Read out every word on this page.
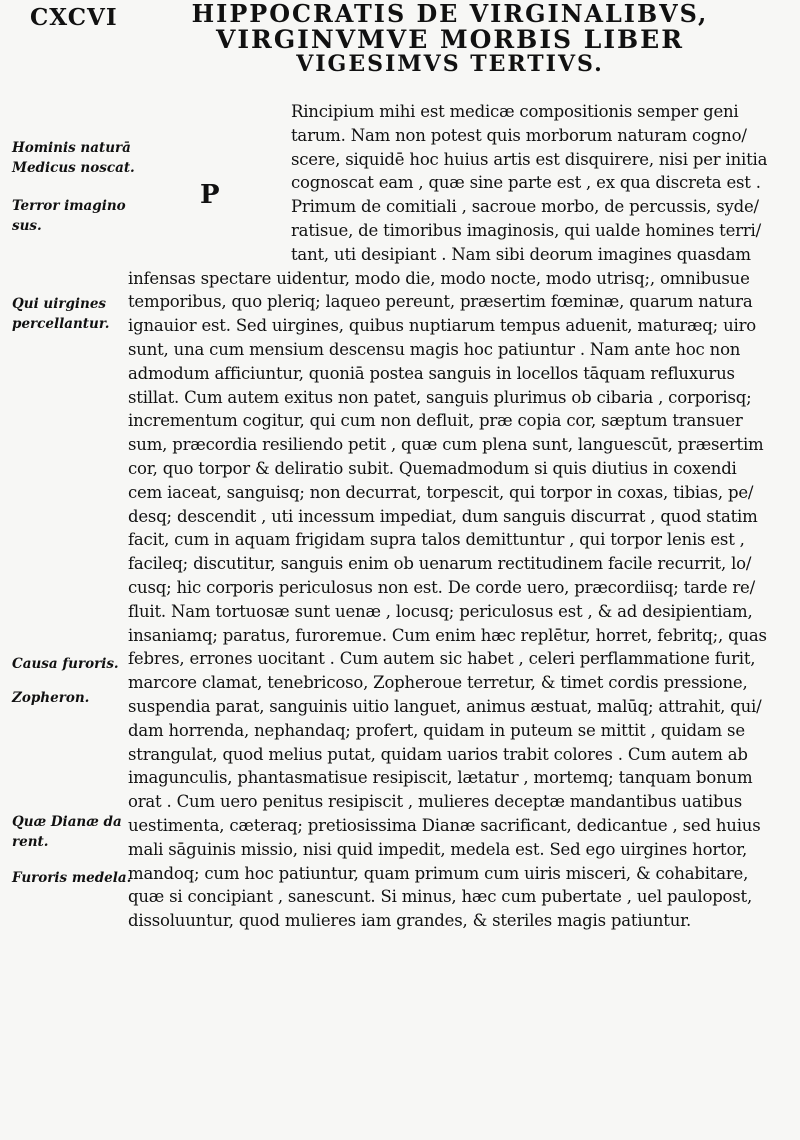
CXCVI	HIPPOCRATIS DE VIRGINALIBVS,
VIRGINVMVE MORBIS LIBER
VIGESIMVS TERTIVS.
Hominis naturā
Medicus noscat.
Terror imagino
sus.
Qui uirgines
percellantur.
Causa furoris.
Zopheron.
Quæ Dianæ da
rent.
Furoris medela.
P
Rincipium mihi est medicæ compositionis semper geni
tarum. Nam non potest quis morborum naturam cogno/
scere, siquidē hoc huius artis est disquirere, nisi per initia
cognoscat eam , quæ sine parte est , ex qua discreta est .
Primum de comitiali , sacroue morbo, de percussis, syde/
ratisue, de timoribus imaginosis, qui ualde homines terri/
tant, uti desipiant . Nam sibi deorum imagines quasdam
infensas spectare uidentur, modo die, modo nocte, modo utrisq;, omnibusue
temporibus, quo pleriq; laqueo pereunt, præsertim fœminæ, quarum natura
ignauior est. Sed uirgines, quibus nuptiarum tempus aduenit, maturæq; uiro
sunt, una cum mensium descensu magis hoc patiuntur . Nam ante hoc non
admodum afficiuntur, quoniā postea sanguis in locellos tāquam refluxurus
stillat. Cum autem exitus non patet, sanguis plurimus ob cibaria , corporisq;
incrementum cogitur, qui cum non defluit, præ copia cor, sæptum transuer
sum, præcordia resiliendo petit , quæ cum plena sunt, languescūt, præsertim
cor, quo torpor & deliratio subit. Quemadmodum si quis diutius in coxendi
cem iaceat, sanguisq; non decurrat, torpescit, qui torpor in coxas, tibias, pe/
desq; descendit , uti incessum impediat, dum sanguis discurrat , quod statim
facit, cum in aquam frigidam supra talos demittuntur , qui torpor lenis est ,
facileq; discutitur, sanguis enim ob uenarum rectitudinem facile recurrit, lo/
cusq; hic corporis periculosus non est. De corde uero, præcordiisq; tarde re/
fluit. Nam tortuosæ sunt uenæ , locusq; periculosus est , & ad desipientiam,
insaniamq; paratus, furoremue. Cum enim hæc replētur, horret, febritq;, quas
febres, errones uocitant . Cum autem sic habet , celeri perflammatione furit,
marcore clamat, tenebricoso, Zopheroue terretur, & timet cordis pressione,
suspendia parat, sanguinis uitio languet, animus æstuat, malūq; attrahit, qui/
dam horrenda, nephandaq; profert, quidam in puteum se mittit , quidam se
strangulat, quod melius putat, quidam uarios trabit colores . Cum autem ab
imagunculis, phantasmatisue resipiscit, lætatur , mortemq; tanquam bonum
orat . Cum uero penitus resipiscit , mulieres deceptæ mandantibus uatibus
uestimenta, cæteraq; pretiosissima Dianæ sacrificant, dedicantue , sed huius
mali sāguinis missio, nisi quid impedit, medela est. Sed ego uirgines hortor,
mandoq; cum hoc patiuntur, quam primum cum uiris misceri, & cohabitare,
quæ si concipiant , sanescunt. Si minus, hæc cum pubertate , uel paulopost,
dissoluuntur, quod mulieres iam grandes, & steriles magis patiuntur.
